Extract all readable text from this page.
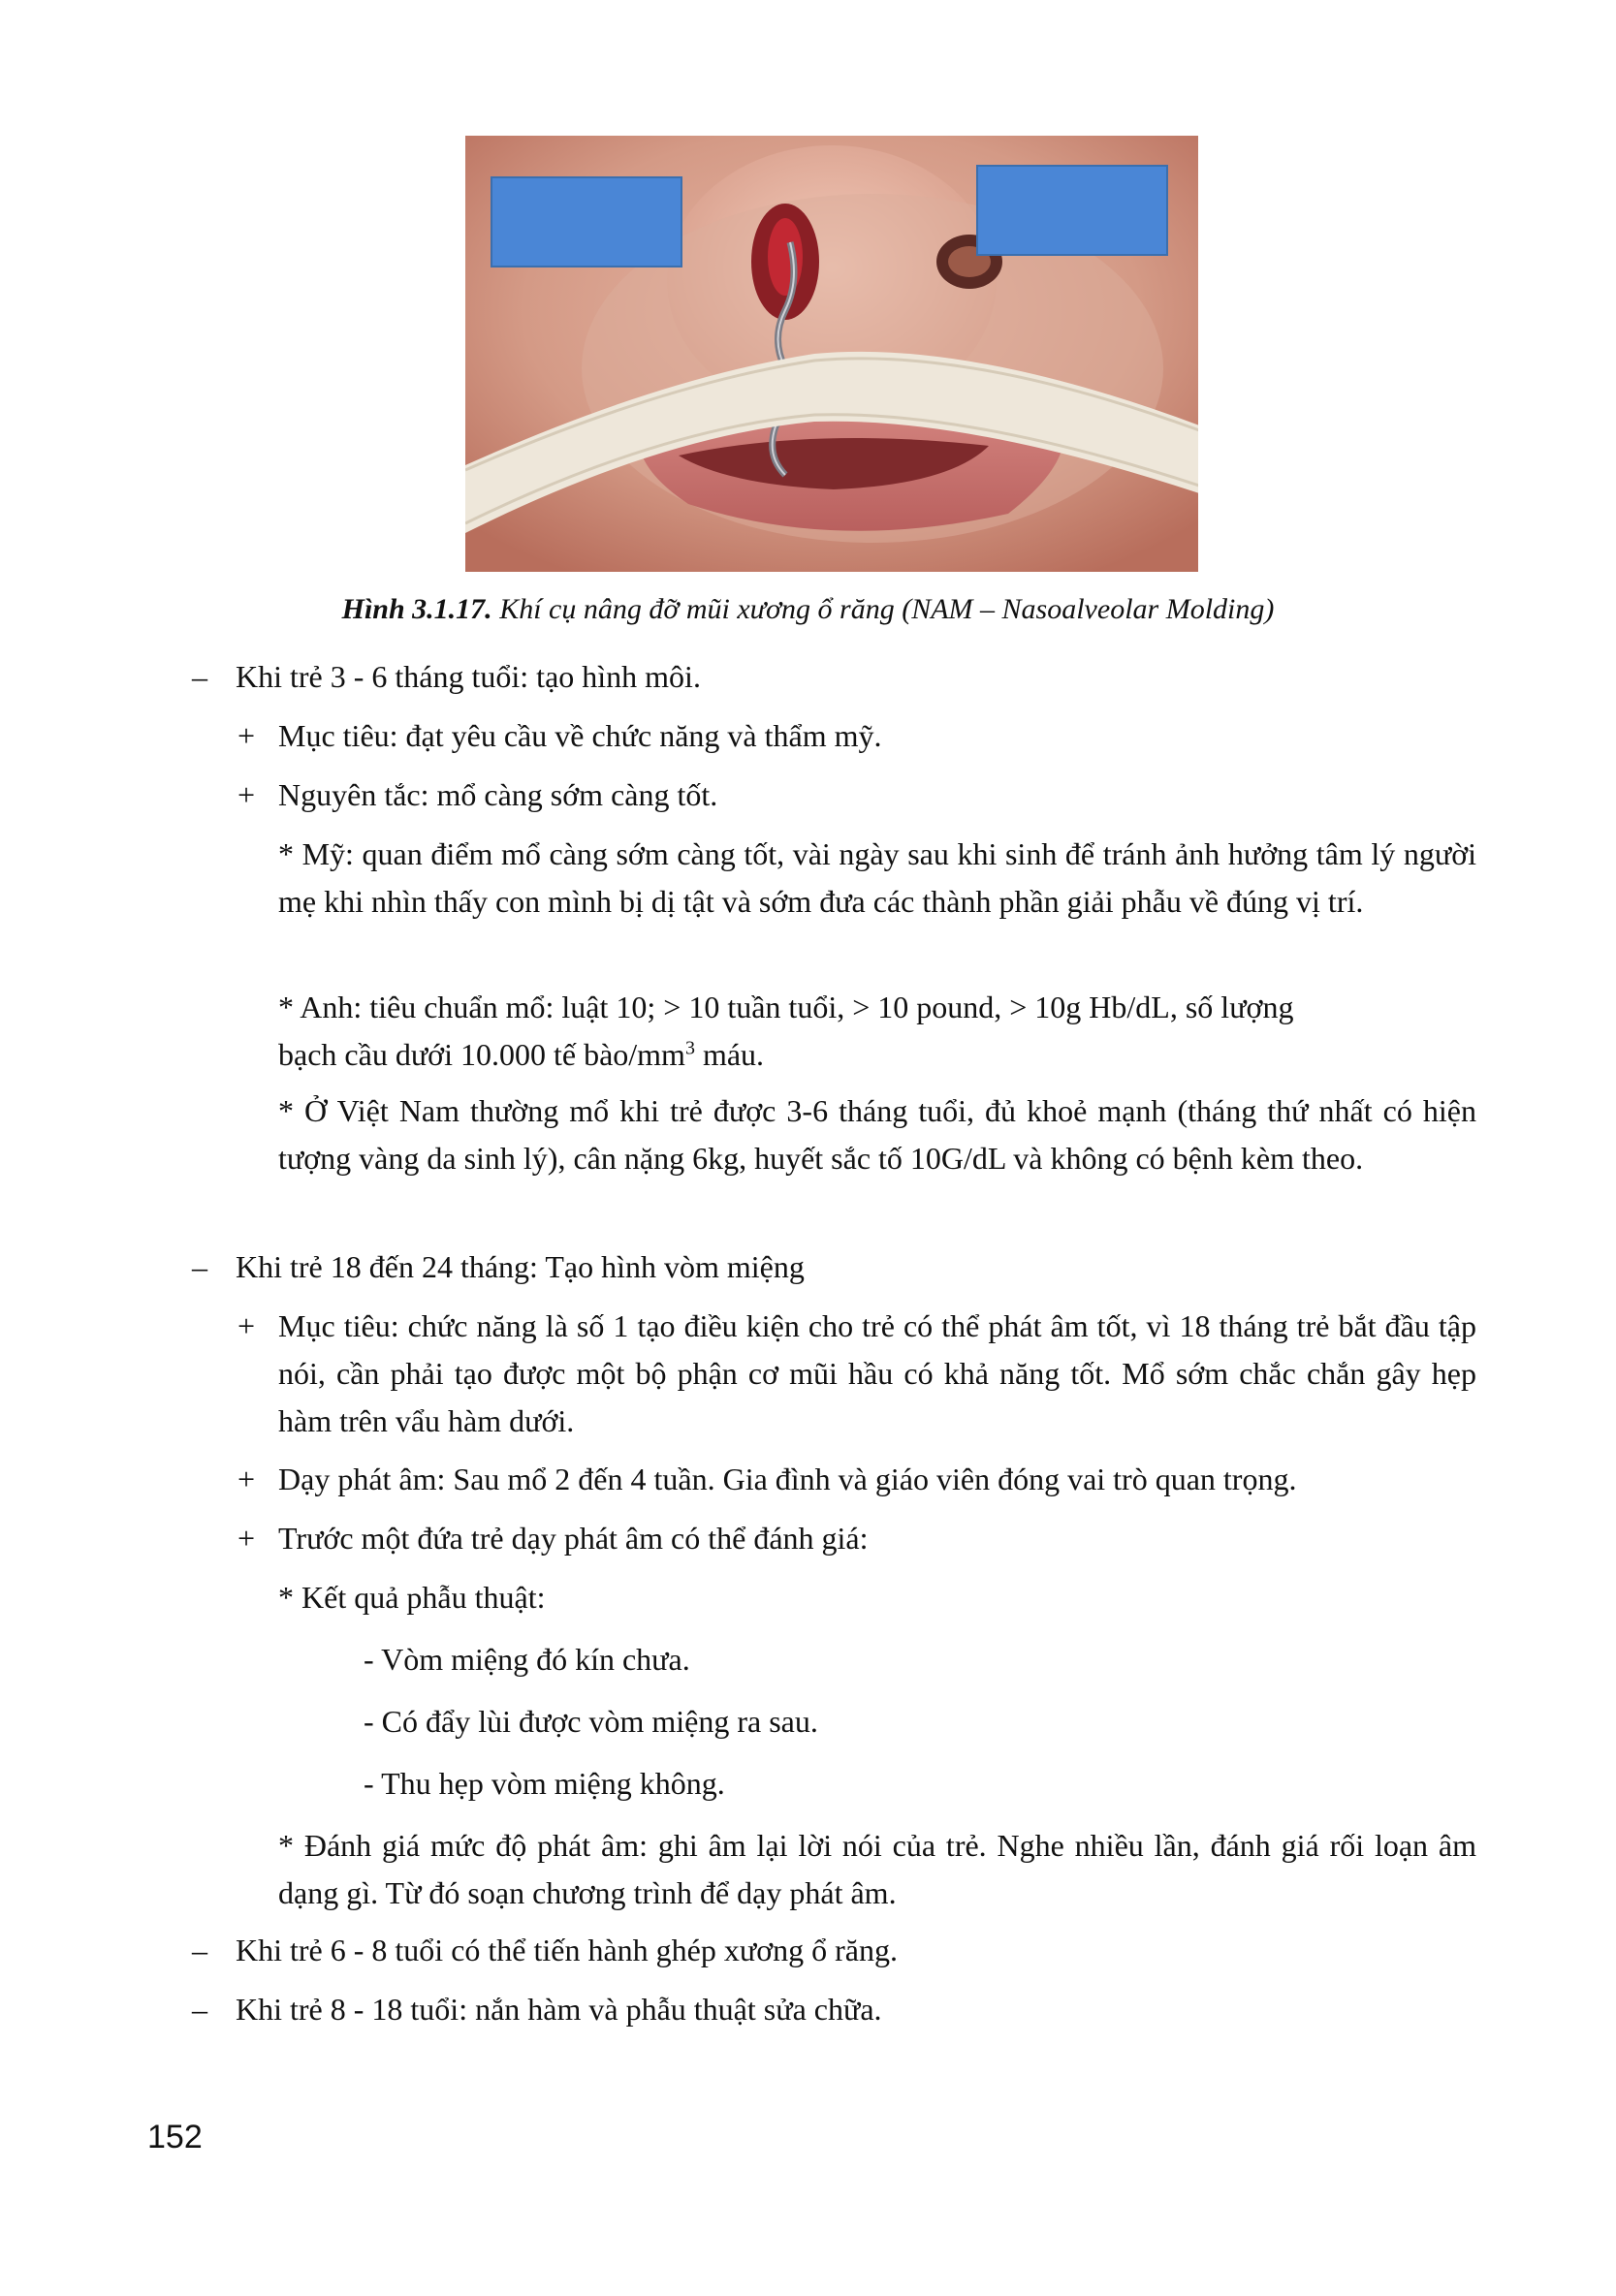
Hình 3.1.17. Khí cụ nâng đỡ mũi xương ổ răng (NAM – Nasoalveolar Molding)
– Khi trẻ 3 - 6 tháng tuổi: tạo hình môi.
+ Mục tiêu: đạt yêu cầu về chức năng và thẩm mỹ.
+ Nguyên tắc: mổ càng sớm càng tốt.
* Mỹ: quan điểm mổ càng sớm càng tốt, vài ngày sau khi sinh để tránh ảnh hưởng tâm lý người mẹ khi nhìn thấy con mình bị dị tật và sớm đưa các thành phần giải phẫu về đúng vị trí.
* Anh: tiêu chuẩn mổ: luật 10; > 10 tuần tuổi, > 10 pound, > 10g Hb/dL, số lượng
bạch cầu dưới 10.000 tế bào/$mm^3$ máu.
* Ở Việt Nam thường mổ khi trẻ được 3-6 tháng tuổi, đủ khoẻ mạnh (tháng thứ nhất có hiện tượng vàng da sinh lý), cân nặng 6kg, huyết sắc tố 10G/dL và không có bệnh kèm theo.
– Khi trẻ 18 đến 24 tháng: Tạo hình vòm miệng
+ Mục tiêu: chức năng là số 1 tạo điều kiện cho trẻ có thể phát âm tốt, vì 18 tháng trẻ bắt đầu tập nói, cần phải tạo được một bộ phận cơ mũi hầu có khả năng tốt. Mổ sớm chắc chắn gây hẹp hàm trên vẩu hàm dưới.
+ Dạy phát âm: Sau mổ 2 đến 4 tuần. Gia đình và giáo viên đóng vai trò quan trọng.
+ Trước một đứa trẻ dạy phát âm có thể đánh giá:
* Kết quả phẫu thuật:
- Vòm miệng đó kín chưa.
- Có đẩy lùi được vòm miệng ra sau.
- Thu hẹp vòm miệng không.
* Đánh giá mức độ phát âm: ghi âm lại lời nói của trẻ. Nghe nhiều lần, đánh giá rối loạn âm dạng gì. Từ đó soạn chương trình để dạy phát âm.
– Khi trẻ 6 - 8 tuổi có thể tiến hành ghép xương ổ răng.
– Khi trẻ 8 - 18 tuổi: nắn hàm và phẫu thuật sửa chữa.
152
